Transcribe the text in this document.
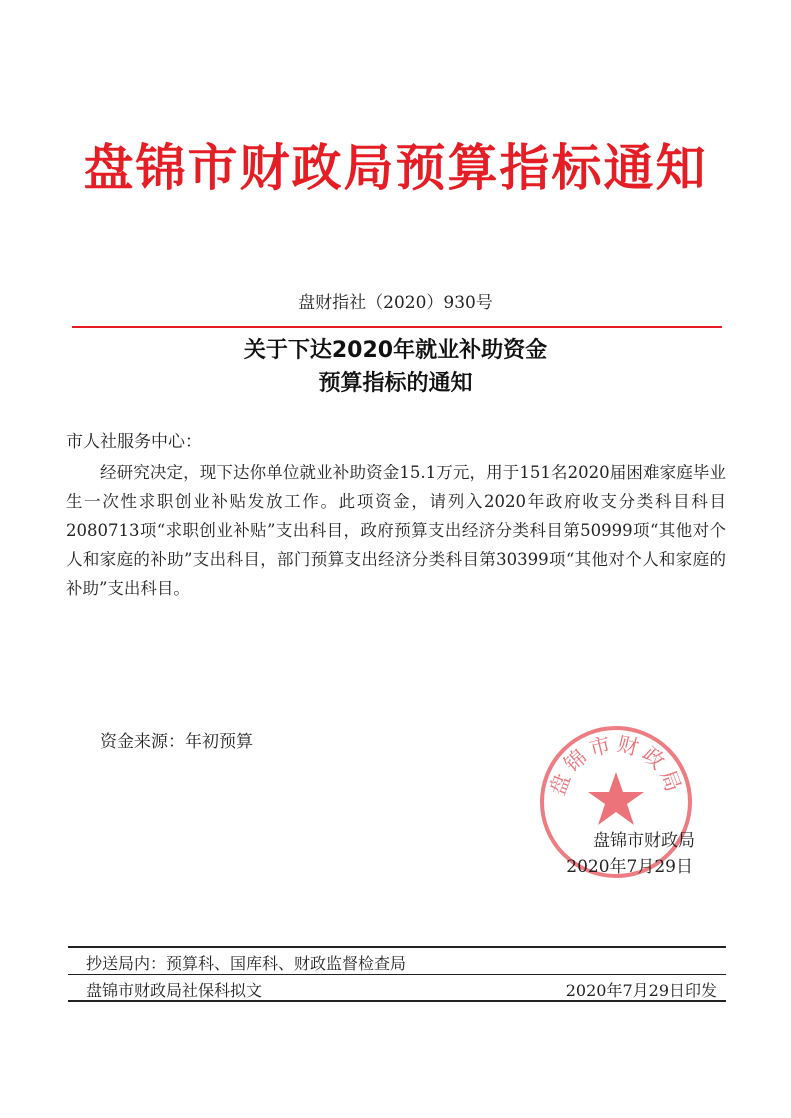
盘锦市财政局预算指标通知
盘财指社（2020）930号
关于下达2020年就业补助资金
预算指标的通知
市人社服务中心：

经研究决定，现下达你单位就业补助资金15.1万元，用于151名2020届困难家庭毕业生一次性求职创业补贴发放工作。此项资金，请列入2020年政府收支分类科目科目2080713项“求职创业补贴”支出科目，政府预算支出经济分类科目第50999项“其他对个人和家庭的补助”支出科目，部门预算支出经济分类科目第30399项“其他对个人和家庭的补助”支出科目。

资金来源：年初预算
盘锦市财政局
盘锦市财政局
2020年7月29日
抄送局内：预算科、国库科、财政监督检查局
盘锦市财政局社保科拟文	2020年7月29日印发
